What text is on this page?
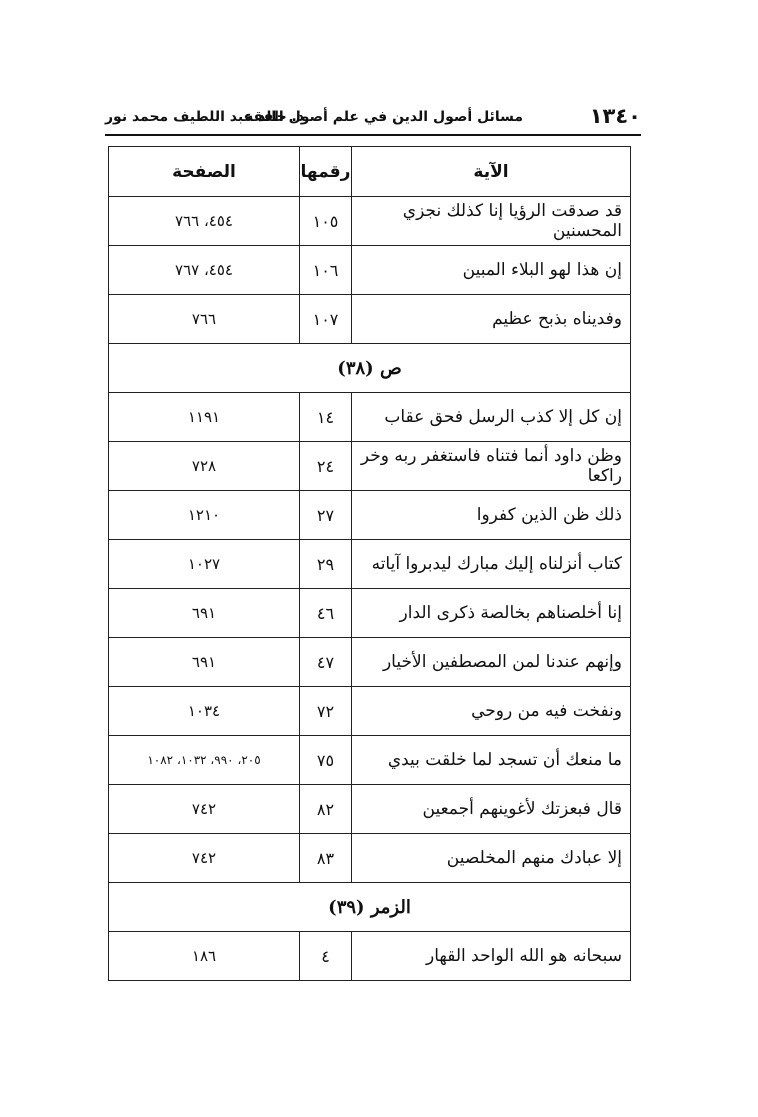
١٣٤٠
مسائل أصول الدين في علم أصول الفقه
د. خالد عبد اللطيف محمد نور
الآية	رقمها	الصفحة
قد صدقت الرؤيا إنا كذلك نجزي المحسنين	١٠٥	٤٥٤، ٧٦٦
إن هذا لهو البلاء المبين	١٠٦	٤٥٤، ٧٦٧
وفديناه بذبح عظيم	١٠٧	٧٦٦
ص (٣٨)		
إن كل إلا كذب الرسل فحق عقاب	١٤	١١٩١
وظن داود أنما فتناه فاستغفر ربه وخر راكعا	٢٤	٧٢٨
ذلك ظن الذين كفروا	٢٧	١٢١٠
كتاب أنزلناه إليك مبارك ليدبروا آياته	٢٩	١٠٢٧
إنا أخلصناهم بخالصة ذكرى الدار	٤٦	٦٩١
وإنهم عندنا لمن المصطفين الأخيار	٤٧	٦٩١
ونفخت فيه من روحي	٧٢	١٠٣٤
ما منعك أن تسجد لما خلقت بيدي	٧٥	٢٠٥، ٩٩٠، ١٠٣٢، ١٠٨٢
قال فبعزتك لأغوينهم أجمعين	٨٢	٧٤٢
إلا عبادك منهم المخلصين	٨٣	٧٤٢
الزمر (٣٩)		
سبحانه هو الله الواحد القهار	٤	١٨٦
